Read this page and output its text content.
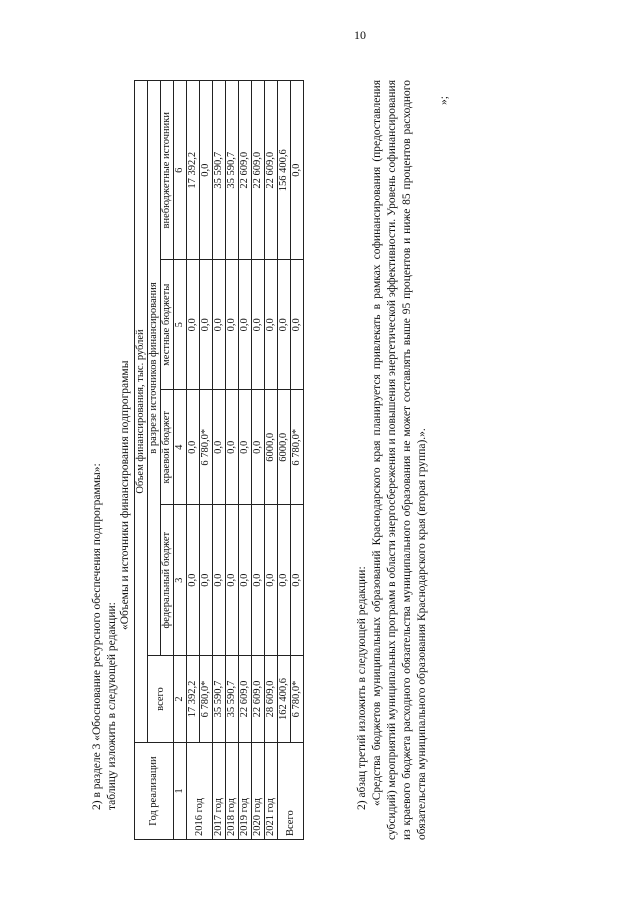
10

2) в разделе 3 «Обоснование ресурсного обеспечения подпрограммы»: таблицу изложить в следующей редакции:

«Объемы и источники финансирования подпрограммы

Год реализации	Объем финансирования, тыс. рублей				
	всего	в разрезе источников финансирования			
		федеральный бюджет	краевой бюджет	местные бюджеты	внебюджетные источники
1	2	3	4	5	6
2016 год	17 392,2	0,0	0,0	0,0	17 392,2
	6 780,0*	0,0	6 780,0*	0,0	0,0
2017 год	35 590,7	0,0	0,0	0,0	35 590,7
2018 год	35 590,7	0,0	0,0	0,0	35 590,7
2019 год	22 609,0	0,0	0,0	0,0	22 609,0
2020 год	22 609,0	0,0	0,0	0,0	22 609,0
2021 год	28 609,0	0,0	6000,0	0,0	22 609,0
Всего	162 400,6	0,0	6000,0	0,0	156 400,6
	6 780,0*	0,0	6 780,0*	0,0	0,0

2) абзац третий изложить в следующей редакции: «Средства бюджетов муниципальных образований Краснодарского края планируется привлекать в рамках софинансирования (предоставления субсидий) мероприятий муниципальных программ в области энергосбережения и повышения энергетической эффективности. Уровень софинансирования из краевого бюджета расходного обязательства муниципального образования не может составлять выше 95 процентов и ниже 85 процентов расходного обязательства муниципального образования Краснодарского края (вторая группа).».

»;
